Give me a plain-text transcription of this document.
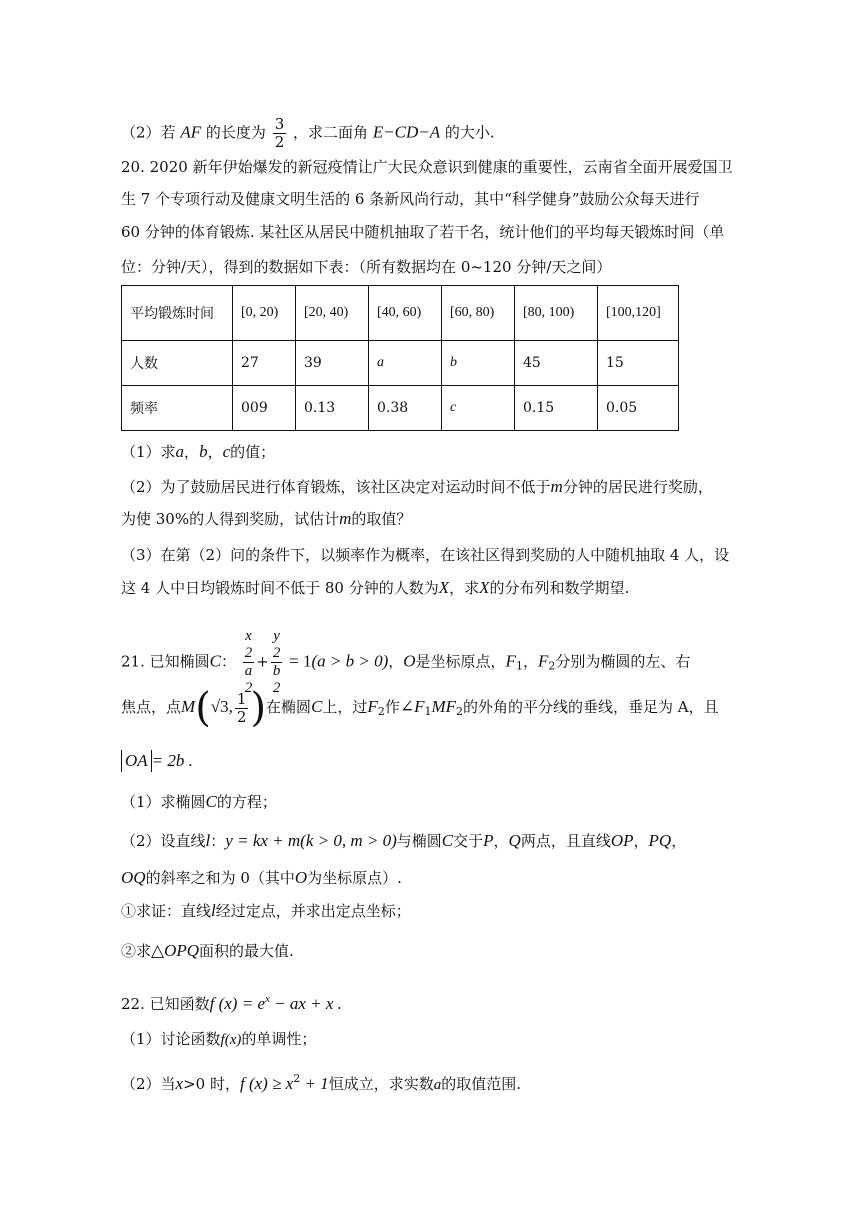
（2）若 AF 的长度为 $\frac{3}{2}$ ，求二面角 E−CD−A 的大小.
20. 2020 新年伊始爆发的新冠疫情让广大民众意识到健康的重要性，云南省全面开展爱国卫
生 7 个专项行动及健康文明生活的 6 条新风尚行动，其中“科学健身”鼓励公众每天进行
60 分钟的体育锻炼. 某社区从居民中随机抽取了若干名，统计他们的平均每天锻炼时间（单
位：分钟/天），得到的数据如下表：（所有数据均在 0~120 分钟/天之间）
平均锻炼时间	[0, 20)	[20, 40)	[40, 60)	[60, 80)	[80, 100)	[100,120]
人数	27	39	a	b	45	15
频率	009	0.13	0.38	c	0.15	0.05
（1）求a，b，c的值；
（2）为了鼓励居民进行体育锻炼，该社区决定对运动时间不低于m分钟的居民进行奖励，
为使 30%的人得到奖励，试估计m的取值？
（3）在第（2）问的条件下，以频率作为概率，在该社区得到奖励的人中随机抽取 4 人，设
这 4 人中日均锻炼时间不低于 80 分钟的人数为X，求X的分布列和数学期望.
21. 已知椭圆C： x
2
a
2 + y
2
b
2 = 1(a > b > 0)，O是坐标原点，$F_1$，$F_2$分别为椭圆的左、右
焦点，点M(√3, $\frac{1}{2}$ )在椭圆C上，过$F_2$作$\angle F_1MF_2$的外角的平分线的垂线，垂足为 A，且
OA = 2b .
（1）求椭圆C的方程；
（2）设直线l：y = kx + m(k > 0, m > 0)与椭圆C交于P，Q两点，且直线OP，PQ，
OQ的斜率之和为 0（其中O为坐标原点）.
①求证：直线l经过定点，并求出定点坐标；
②求△OPQ面积的最大值.
22. 已知函数f $(x) = e^x$ − ax + x .
（1）讨论函数f(x)的单调性；
（2）当x>0 时，f $(x) \ge x^2 + 1$恒成立，求实数a的取值范围.
